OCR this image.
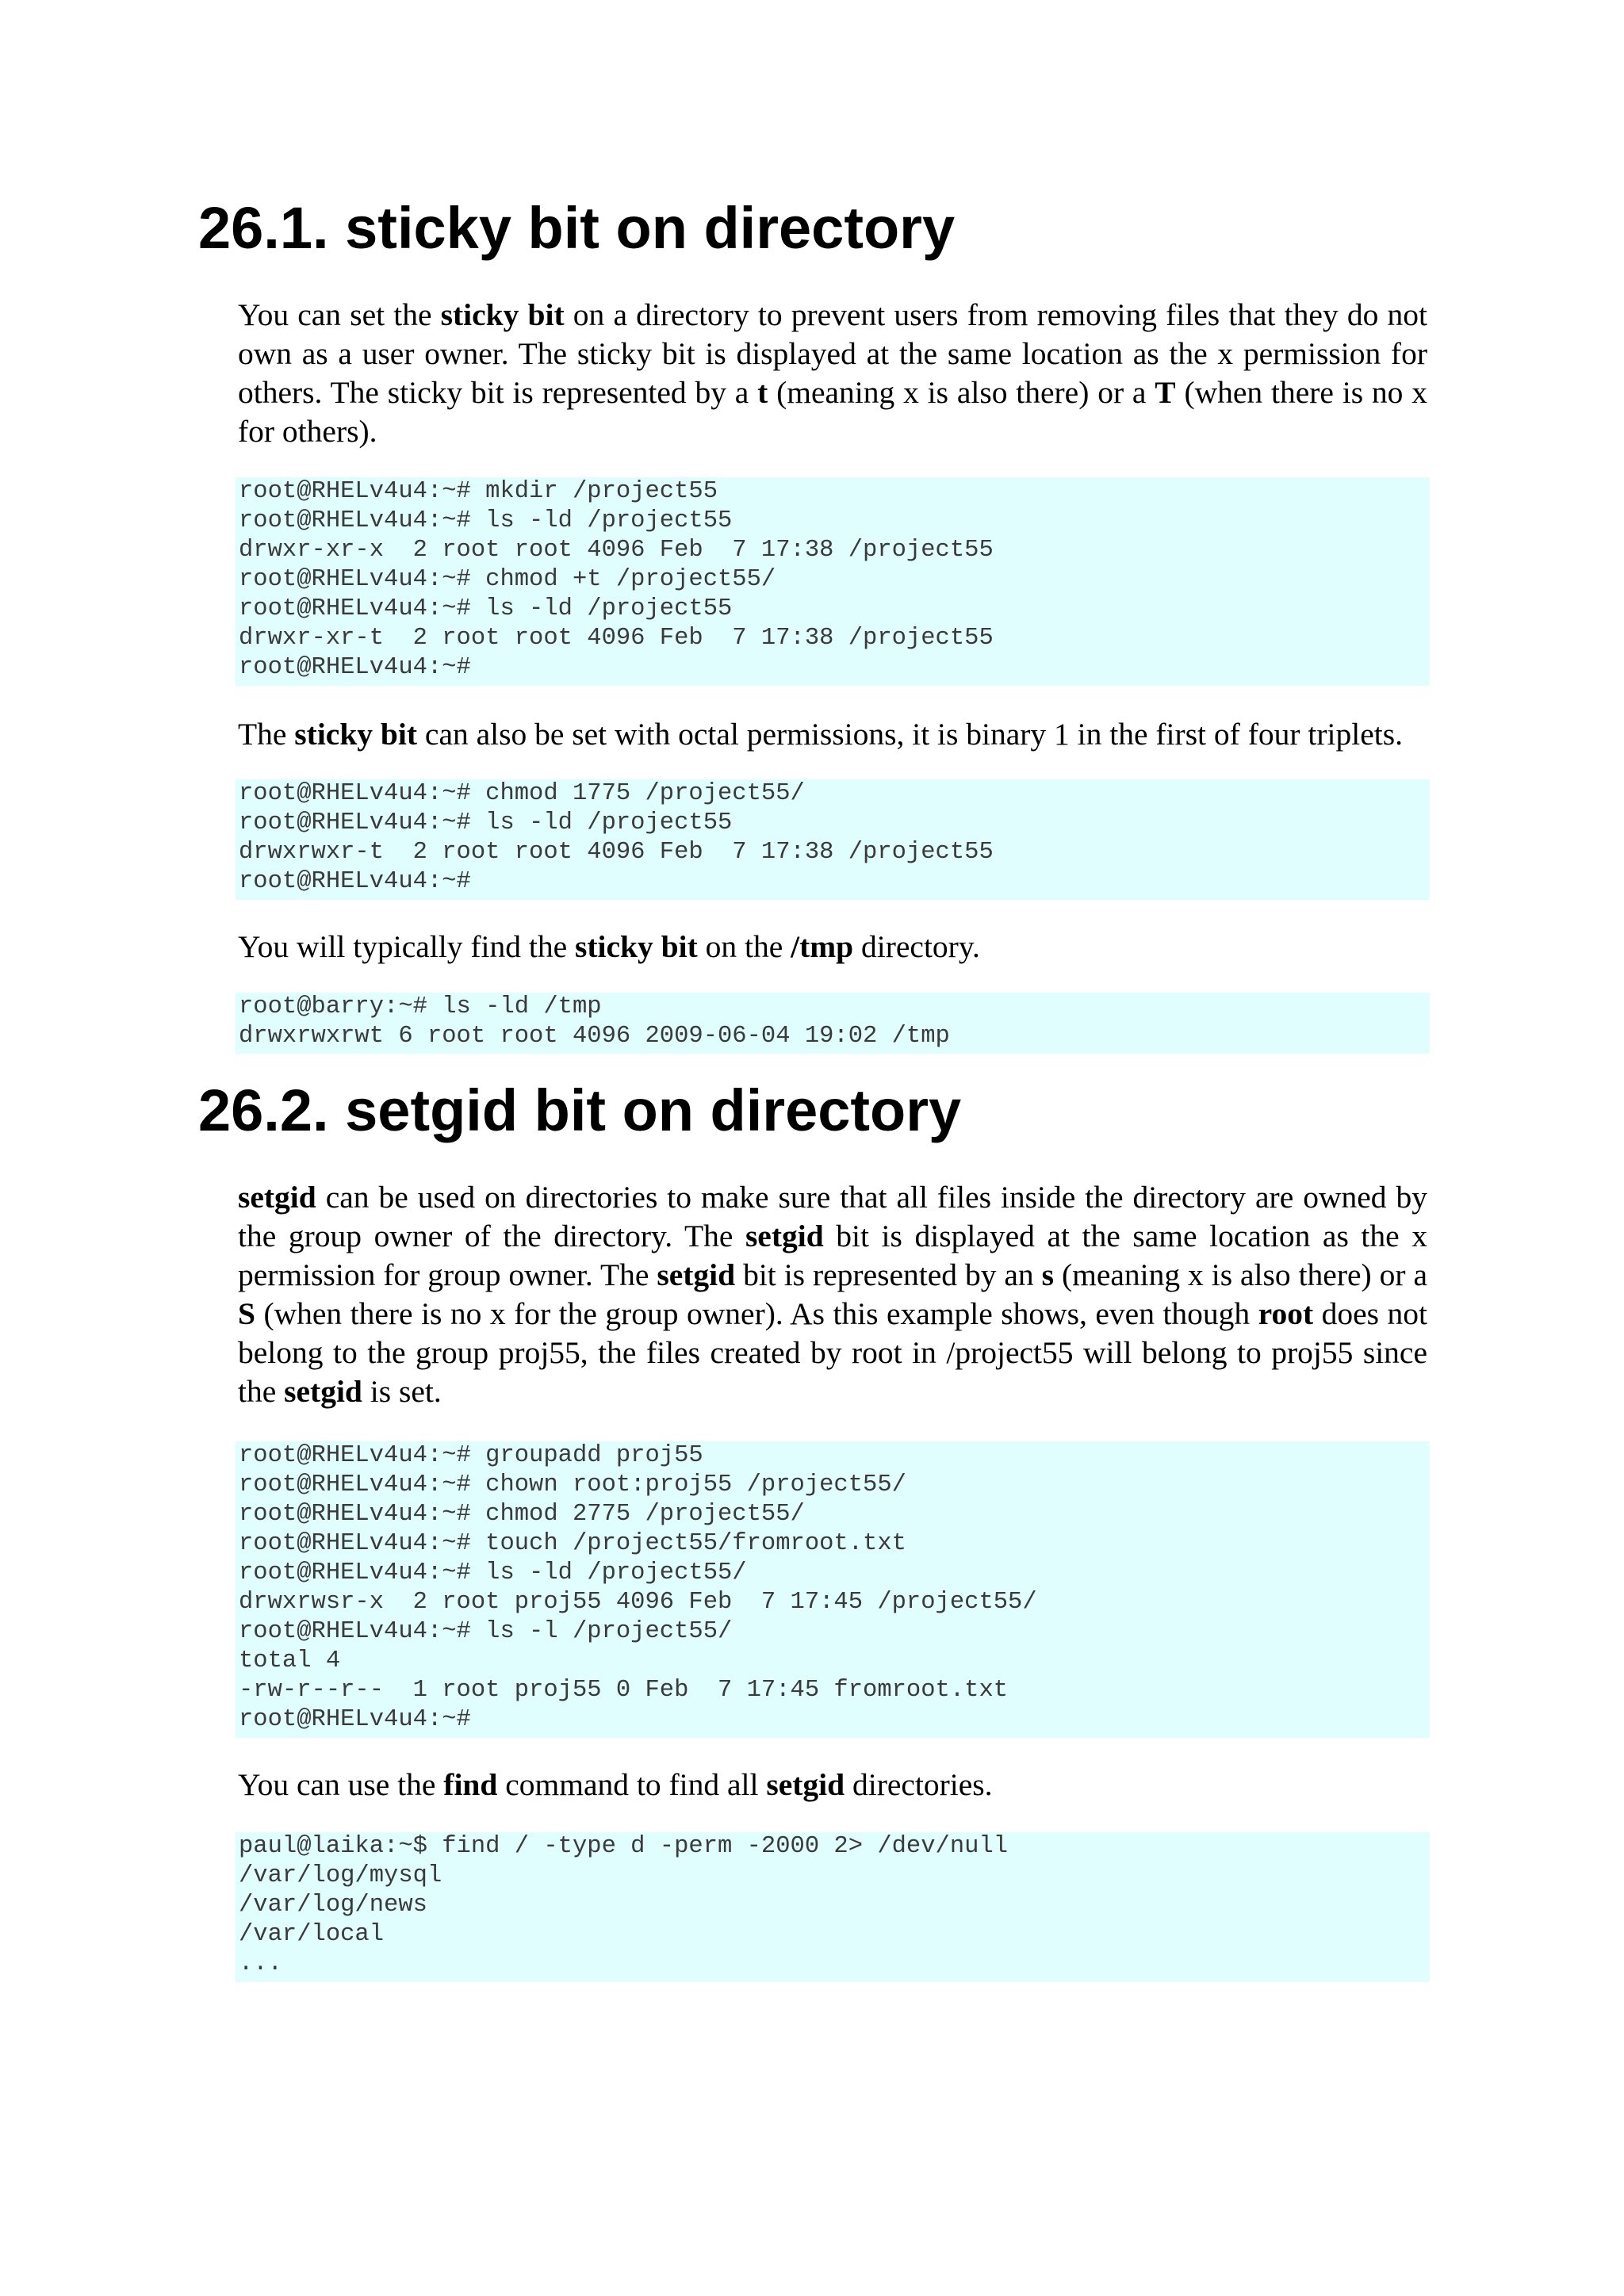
26.1. sticky bit on directory

You can set the sticky bit on a directory to prevent users from removing files that they do not own as a user owner. The sticky bit is displayed at the same location as the x permission for others. The sticky bit is represented by a t (meaning x is also there) or a T (when there is no x for others).

root@RHELv4u4:~# mkdir /project55
root@RHELv4u4:~# ls -ld /project55
drwxr-xr-x  2 root root 4096 Feb  7 17:38 /project55
root@RHELv4u4:~# chmod +t /project55/
root@RHELv4u4:~# ls -ld /project55
drwxr-xr-t  2 root root 4096 Feb  7 17:38 /project55
root@RHELv4u4:~#

The sticky bit can also be set with octal permissions, it is binary 1 in the first of four triplets.

root@RHELv4u4:~# chmod 1775 /project55/
root@RHELv4u4:~# ls -ld /project55
drwxrwxr-t  2 root root 4096 Feb  7 17:38 /project55
root@RHELv4u4:~#

You will typically find the sticky bit on the /tmp directory.

root@barry:~# ls -ld /tmp
drwxrwxrwt 6 root root 4096 2009-06-04 19:02 /tmp
26.2. setgid bit on directory

setgid can be used on directories to make sure that all files inside the directory are owned by the group owner of the directory. The setgid bit is displayed at the same location as the x permission for group owner. The setgid bit is represented by an s (meaning x is also there) or a S (when there is no x for the group owner). As this example shows, even though root does not belong to the group proj55, the files created by root in /project55 will belong to proj55 since the setgid is set.

root@RHELv4u4:~# groupadd proj55
root@RHELv4u4:~# chown root:proj55 /project55/
root@RHELv4u4:~# chmod 2775 /project55/
root@RHELv4u4:~# touch /project55/fromroot.txt
root@RHELv4u4:~# ls -ld /project55/
drwxrwsr-x  2 root proj55 4096 Feb  7 17:45 /project55/
root@RHELv4u4:~# ls -l /project55/
total 4
-rw-r--r--  1 root proj55 0 Feb  7 17:45 fromroot.txt
root@RHELv4u4:~#

You can use the find command to find all setgid directories.

paul@laika:~$ find / -type d -perm -2000 2> /dev/null
/var/log/mysql
/var/log/news
/var/local
...
